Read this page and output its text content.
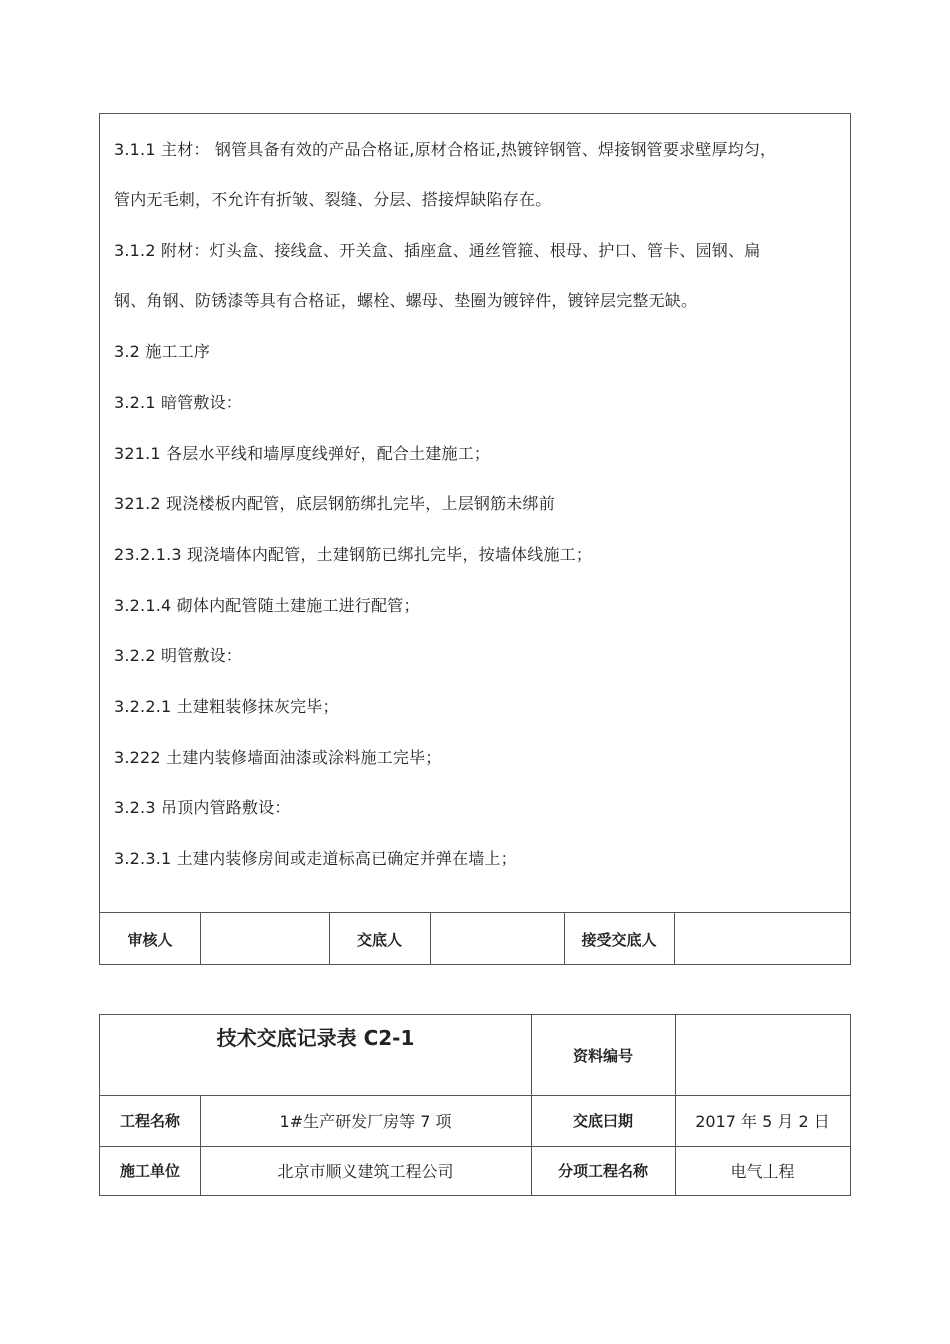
3.1.1 主材： 钢管具备有效的产品合格证,原材合格证,热镀锌钢管、焊接钢管要求壁厚均匀，
管内无毛刺，不允许有折皱、裂缝、分层、搭接焊缺陷存在。
3.1.2 附材：灯头盒、接线盒、开关盒、插座盒、通丝管箍、根母、护口、管卡、园钢、扁
钢、角钢、防锈漆等具有合格证，螺栓、螺母、垫圈为镀锌件，镀锌层完整无缺。
3.2 施工工序
3.2.1 暗管敷设：
321.1 各层水平线和墙厚度线弹好，配合土建施工；
321.2 现浇楼板内配管，底层钢筋绑扎完毕，上层钢筋未绑前
23.2.1.3 现浇墙体内配管，土建钢筋已绑扎完毕，按墙体线施工；
3.2.1.4 砌体内配管随土建施工进行配管；
3.2.2 明管敷设：
3.2.2.1 土建粗装修抹灰完毕；
3.222 土建内装修墙面油漆或涂料施工完毕；
3.2.3 吊顶内管路敷设：
3.2.3.1 土建内装修房间或走道标高已确定并弹在墙上；
审核人	交底人	接受交底人
技术交底记录表 C2-1
资料编号
工程名称	1#生产研发厂房等 7 项	交底曰期	2017 年 5 月 2 日
施工单位	北京市顺义建筑工程公司	分项工程名称	电气丄程
